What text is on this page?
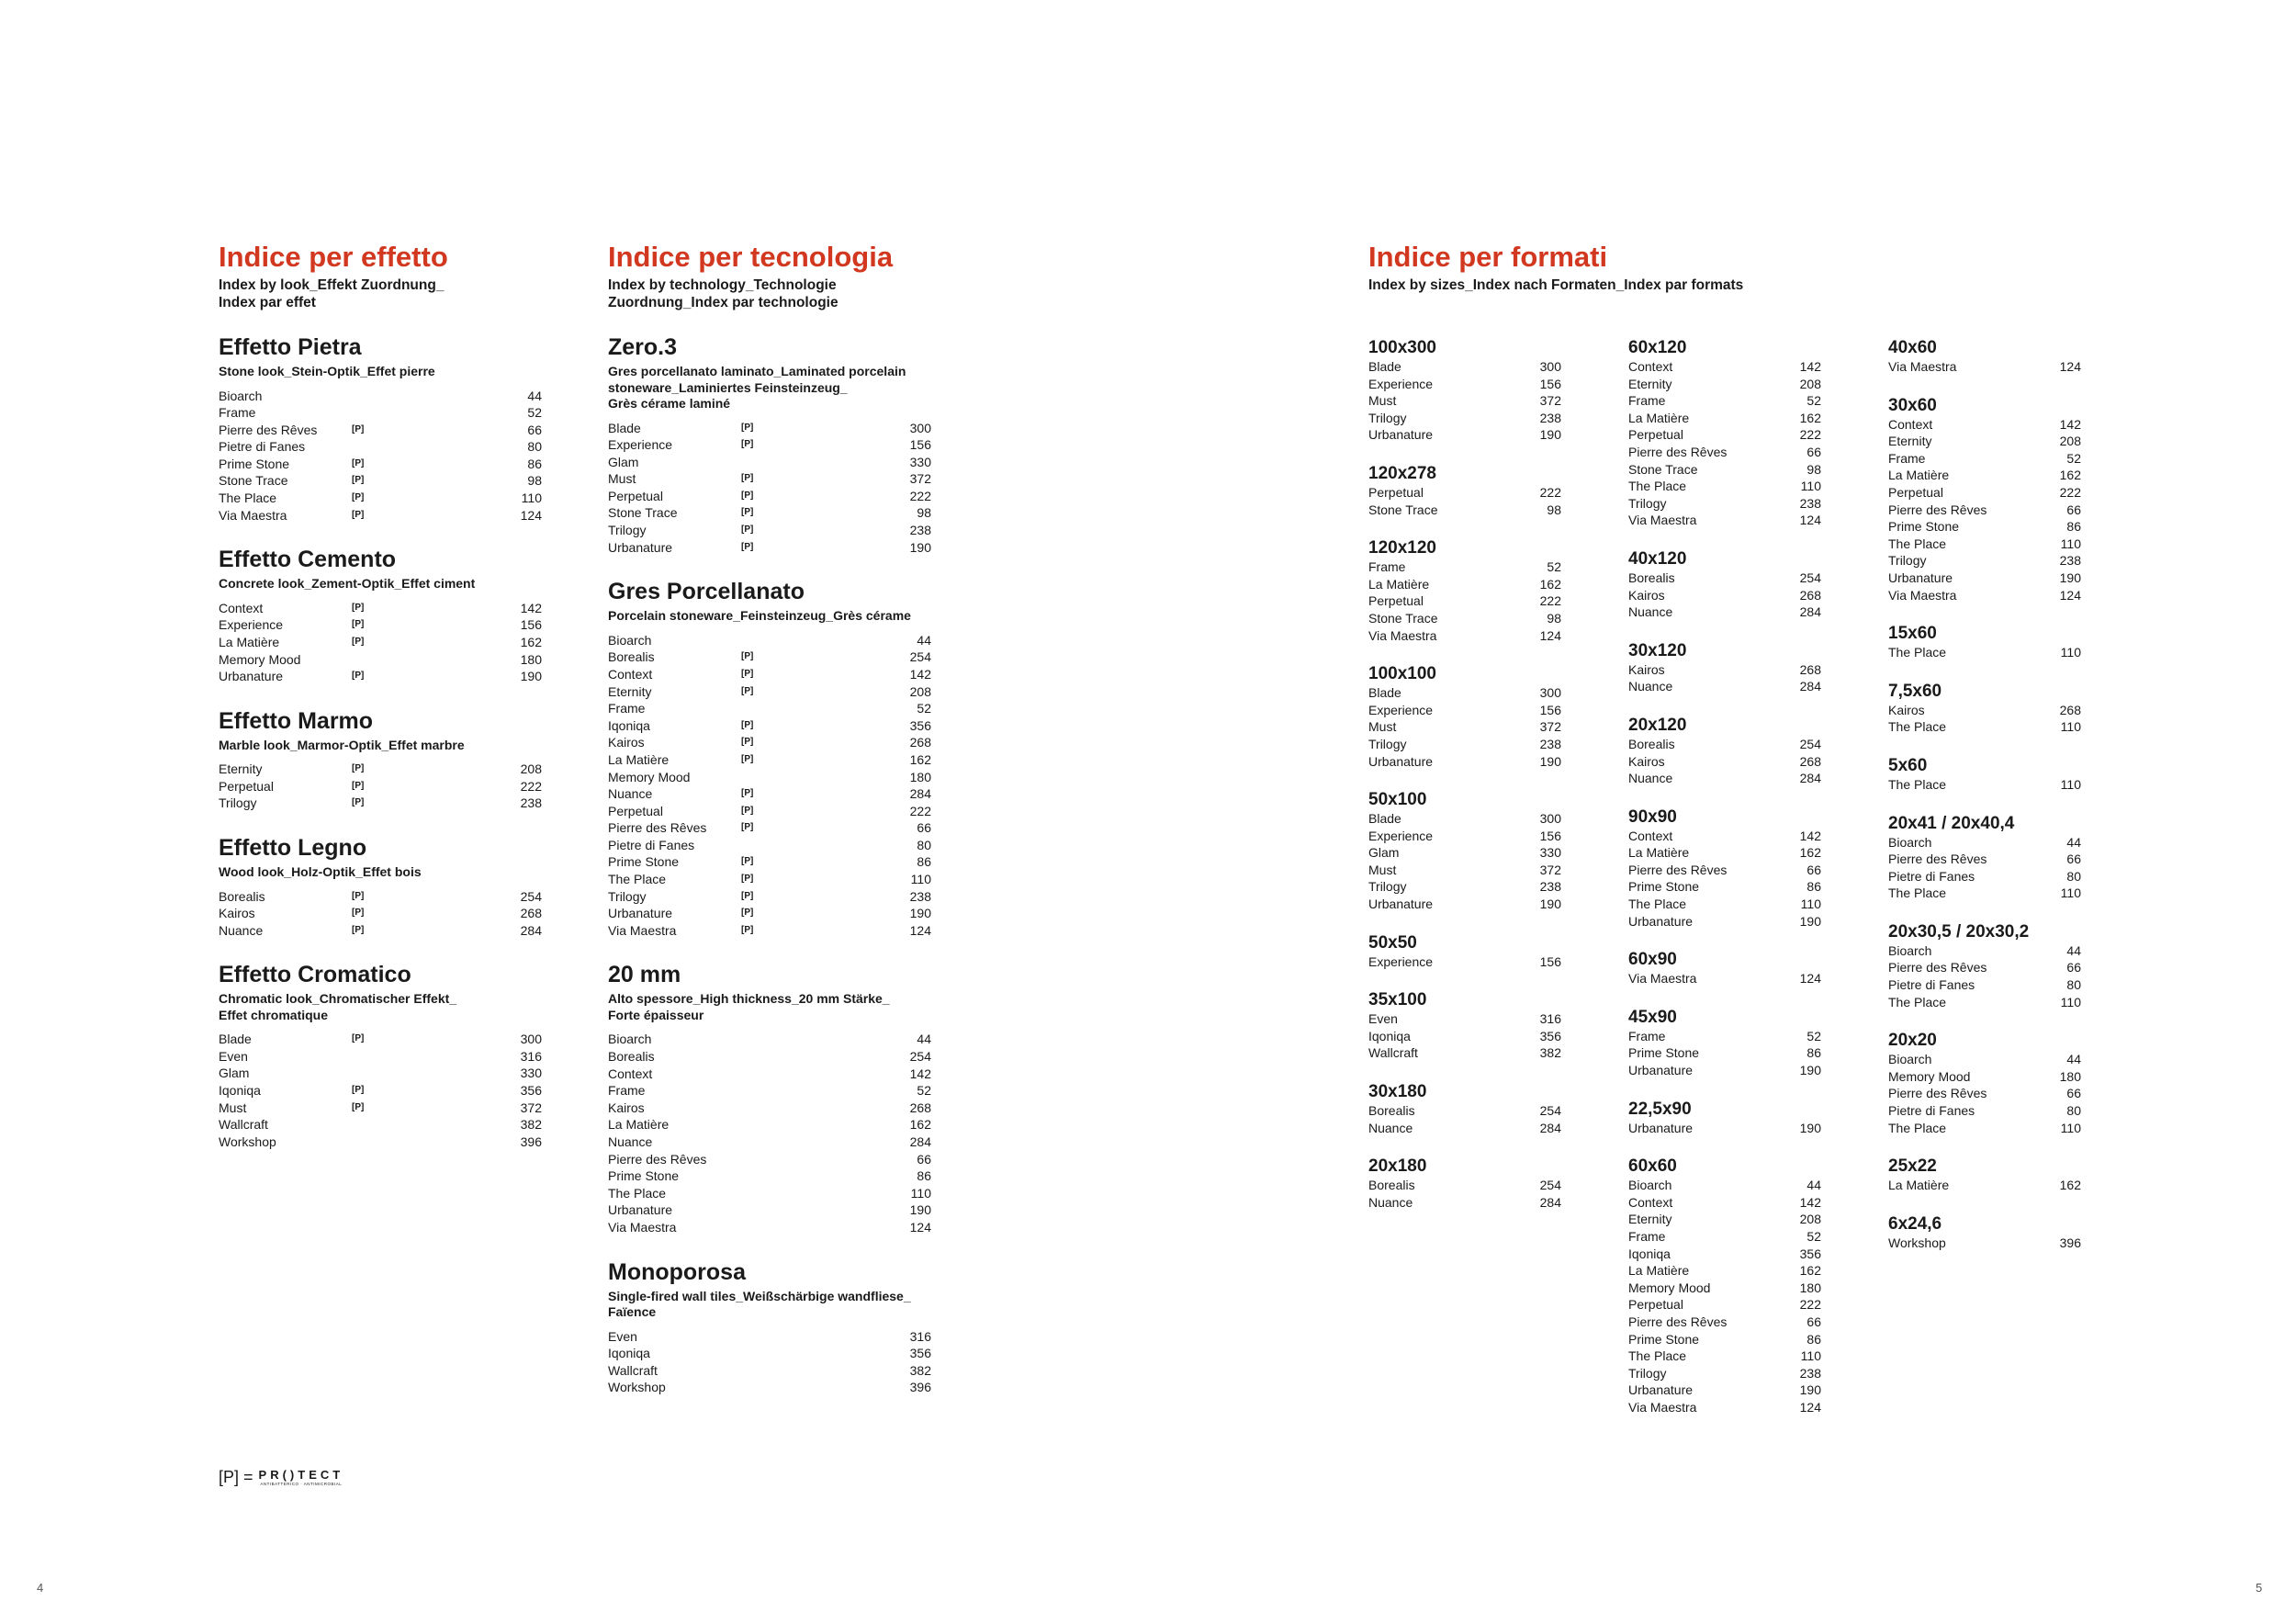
Indice per effetto
Index by look_Effekt Zuordnung_
Index par effet
Effetto Pietra
Stone look_Stein-Optik_Effet pierre
Bioarch	44
Frame	52
Pierre des Rêves	[P]	66
Pietre di Fanes	80
Prime Stone	[P]	86
Stone Trace	[P]	98
The Place	[P]	110
Via Maestra	[P]	124
Effetto Cemento
Concrete look_Zement-Optik_Effet ciment
Context	[P]	142
Experience	[P]	156
La Matière	[P]	162
Memory Mood	180
Urbanature	[P]	190
Effetto Marmo
Marble look_Marmor-Optik_Effet marbre
Eternity	[P]	208
Perpetual	[P]	222
Trilogy	[P]	238
Effetto Legno
Wood look_Holz-Optik_Effet bois
Borealis	[P]	254
Kairos	[P]	268
Nuance	[P]	284
Effetto Cromatico
Chromatic look_Chromatischer Effekt_
Effet chromatique
Blade	[P]	300
Even	316
Glam	330
Iqoniqa	[P]	356
Must	[P]	372
Wallcraft	382
Workshop	396
Indice per tecnologia
Index by technology_Technologie
Zuordnung_Index par technologie
Zero.3
Gres porcellanato laminato_Laminated porcelain
stoneware_Laminiertes Feinsteinzeug_
Grès cérame laminé
Blade	[P]	300
Experience	[P]	156
Glam	330
Must	[P]	372
Perpetual	[P]	222
Stone Trace	[P]	98
Trilogy	[P]	238
Urbanature	[P]	190
Gres Porcellanato
Porcelain stoneware_Feinsteinzeug_Grès cérame
Bioarch	44
Borealis	[P]	254
Context	[P]	142
Eternity	[P]	208
Frame	52
Iqoniqa	[P]	356
Kairos	[P]	268
La Matière	[P]	162
Memory Mood	180
Nuance	[P]	284
Perpetual	[P]	222
Pierre des Rêves	[P]	66
Pietre di Fanes	80
Prime Stone	[P]	86
The Place	[P]	110
Trilogy	[P]	238
Urbanature	[P]	190
Via Maestra	[P]	124
20 mm
Alto spessore_High thickness_20 mm Stärke_
Forte épaisseur
Bioarch	44
Borealis	254
Context	142
Frame	52
Kairos	268
La Matière	162
Nuance	284
Pierre des Rêves	66
Prime Stone	86
The Place	110
Urbanature	190
Via Maestra	124
Monoporosa
Single-fired wall tiles_Weißschärbige wandfliese_
Faïence
Even	316
Iqoniqa	356
Wallcraft	382
Workshop	396
Indice per formati
Index by sizes_Index nach Formaten_Index par formats
100x300
Blade	300
Experience	156
Must	372
Trilogy	238
Urbanature	190
120x278
Perpetual	222
Stone Trace	98
120x120
Frame	52
La Matière	162
Perpetual	222
Stone Trace	98
Via Maestra	124
100x100
Blade	300
Experience	156
Must	372
Trilogy	238
Urbanature	190
50x100
Blade	300
Experience	156
Glam	330
Must	372
Trilogy	238
Urbanature	190
50x50
Experience	156
35x100
Even	316
Iqoniqa	356
Wallcraft	382
30x180
Borealis	254
Nuance	284
20x180
Borealis	254
Nuance	284
60x120
Context	142
Eternity	208
Frame	52
La Matière	162
Perpetual	222
Pierre des Rêves	66
Stone Trace	98
The Place	110
Trilogy	238
Via Maestra	124
40x120
Borealis	254
Kairos	268
Nuance	284
30x120
Kairos	268
Nuance	284
20x120
Borealis	254
Kairos	268
Nuance	284
90x90
Context	142
La Matière	162
Pierre des Rêves	66
Prime Stone	86
The Place	110
Urbanature	190
60x90
Via Maestra	124
45x90
Frame	52
Prime Stone	86
Urbanature	190
22,5x90
Urbanature	190
60x60
Bioarch	44
Context	142
Eternity	208
Frame	52
Iqoniqa	356
La Matière	162
Memory Mood	180
Perpetual	222
Pierre des Rêves	66
Prime Stone	86
The Place	110
Trilogy	238
Urbanature	190
Via Maestra	124
40x60
Via Maestra	124
30x60
Context	142
Eternity	208
Frame	52
La Matière	162
Perpetual	222
Pierre des Rêves	66
Prime Stone	86
The Place	110
Trilogy	238
Urbanature	190
Via Maestra	124
15x60
The Place	110
7,5x60
Kairos	268
The Place	110
5x60
The Place	110
20x41 / 20x40,4
Bioarch	44
Pierre des Rêves	66
Pietre di Fanes	80
The Place	110
20x30,5 / 20x30,2
Bioarch	44
Pierre des Rêves	66
Pietre di Fanes	80
The Place	110
20x20
Bioarch	44
Memory Mood	180
Pierre des Rêves	66
Pietre di Fanes	80
The Place	110
25x22
La Matière	162
6x24,6
Workshop	396
[P] = PR()TECT
ANTIBATTERICO · ANTIMICROBIAL
4	5
